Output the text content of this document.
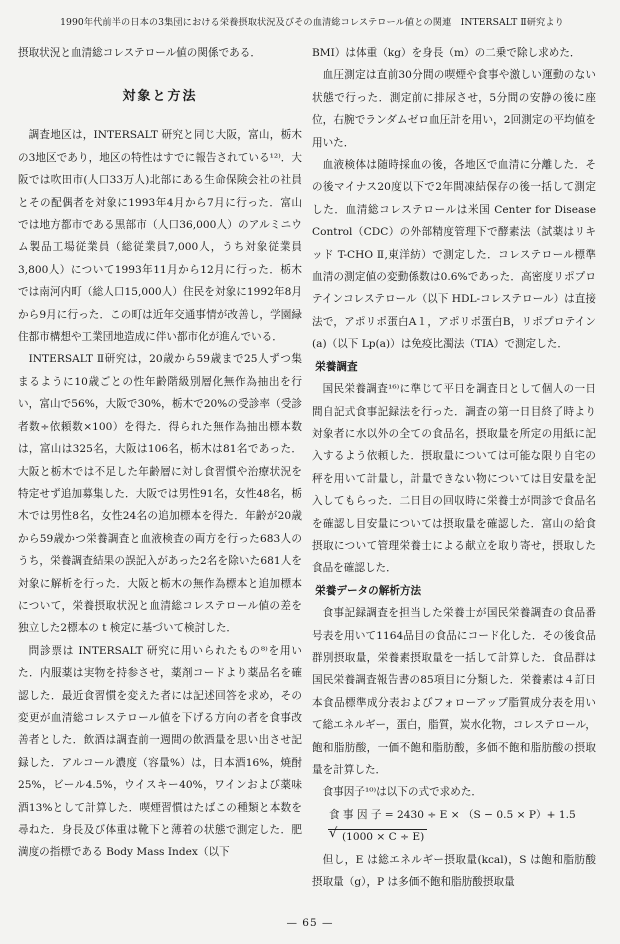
1990年代前半の日本の3集団における栄養摂取状況及びその血清総コレステロール値との関連　INTERSALT Ⅱ研究より

摂取状況と血清総コレステロール値の関係である．

対象と方法

調査地区は，INTERSALT 研究と同じ大阪，富山，栃木の3地区であり，地区の特性はすでに報告されている¹²⁾．大阪では吹田市(人口33万人)北部にある生命保険会社の社員とその配偶者を対象に1993年4月から7月に行った．富山では地方都市である黒部市（人口36,000人）のアルミニウム製品工場従業員（総従業員7,000人，うち対象従業員3,800人）について1993年11月から12月に行った．栃木では南河内町（総人口15,000人）住民を対象に1992年8月から9月に行った．この町は近年交通事情が改善し，学園緑住都市構想や工業団地造成に伴い都市化が進んでいる．

INTERSALT Ⅱ研究は，20歳から59歳まで25人ずつ集まるように10歳ごとの性年齢階級別層化無作為抽出を行い，富山で56%，大阪で30%，栃木で20%の受診率（受診者数÷依頼数×100）を得た．得られた無作為抽出標本数は，富山は325名，大阪は106名，栃木は81名であった．大阪と栃木では不足した年齢層に対し食習慣や治療状況を特定せず追加募集した．大阪では男性91名，女性48名，栃木では男性8名，女性24名の追加標本を得た．年齢が20歳から59歳かつ栄養調査と血液検査の両方を行った683人のうち，栄養調査結果の誤記入があった2名を除いた681人を対象に解析を行った．大阪と栃木の無作為標本と追加標本について，栄養摂取状況と血清総コレステロール値の差を独立した2標本の t 検定に基づいて検討した．

問診票は INTERSALT 研究に用いられたもの⁸⁾を用いた．内服薬は実物を持参させ，薬剤コードより薬品名を確認した．最近食習慣を変えた者には記述回答を求め，その変更が血清総コレステロール値を下げる方向の者を食事改善者とした．飲酒は調査前一週間の飲酒量を思い出させ記録した．アルコール濃度（容量%）は，日本酒16%，焼酎25%，ビール4.5%，ウイスキー40%，ワインおよび薬味酒13%として計算した．喫煙習慣はたばこの種類と本数を尋ねた．身長及び体重は靴下と薄着の状態で測定した．肥満度の指標である Body Mass Index（以下

BMI）は体重（kg）を身長（m）の二乗で除し求めた．

血圧測定は直前30分間の喫煙や食事や激しい運動のない状態で行った．測定前に排尿させ，5分間の安静の後に座位，右腕でランダムゼロ血圧計を用い，2回測定の平均値を用いた．

血液検体は随時採血の後，各地区で血清に分離した．その後マイナス20度以下で2年間凍結保存の後一括して測定した．血清総コレステロールは米国 Center for Disease Control（CDC）の外部精度管理下で酵素法（試薬はリキッド T-CHO Ⅱ,東洋紡）で測定した．コレステロール標準血清の測定値の変動係数は0.6%であった．高密度リポプロテインコレステロール（以下 HDL-コレステロール）は直接法で，アポリポ蛋白A１，アポリポ蛋白B，リポプロテイン(a)（以下 Lp(a)）は免疫比濁法（TIA）で測定した．

栄養調査

国民栄養調査¹⁶⁾に準じて平日を調査日として個人の一日間自記式食事記録法を行った．調査の第一日目終了時より対象者に水以外の全ての食品名，摂取量を所定の用紙に記入するよう依頼した．摂取量については可能な限り自宅の秤を用いて計量し，計量できない物については目安量を記入してもらった．二日目の回収時に栄養士が問診で食品名を確認し目安量については摂取量を確認した．富山の給食摂取について管理栄養士による献立を取り寄せ，摂取した食品を確認した．

栄養データの解析方法

食事記録調査を担当した栄養士が国民栄養調査の食品番号表を用いて1164品目の食品にコード化した．その後食品群別摂取量，栄養素摂取量を一括して計算した．食品群は国民栄養調査報告書の85項目に分類した．栄養素は４訂日本食品標準成分表およびフォローアップ脂質成分表を用いて総エネルギー，蛋白，脂質，炭水化物，コレステロール，飽和脂肪酸，一価不飽和脂肪酸，多価不飽和脂肪酸の摂取量を計算した．

食事因子¹⁰⁾は以下の式で求めた．

食 事 因 子 = 2430 ÷ E × （S − 0.5 × P）+ 1.5
√ (1000 × C ÷ E)

但し，E は総エネルギー摂取量(kcal)，S は飽和脂肪酸摂取量（g），P は多価不飽和脂肪酸摂取量

— 65 —
